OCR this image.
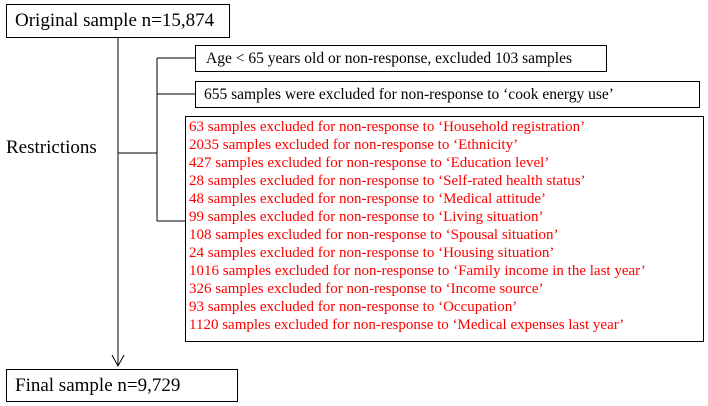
Original sample n=15,874
Restrictions
Age < 65 years old or non-response, excluded 103 samples
655 samples were excluded for non-response to ‘cook energy use’
63 samples excluded for non-response to ‘Household registration’
2035 samples excluded for non-response to ‘Ethnicity’
427 samples excluded for non-response to ‘Education level’
28 samples excluded for non-response to ‘Self-rated health status’
48 samples excluded for non-response to ‘Medical attitude’
99 samples excluded for non-response to ‘Living situation’
108 samples excluded for non-response to ‘Spousal situation’
24 samples excluded for non-response to ‘Housing situation’
1016 samples excluded for non-response to ‘Family income in the last year’
326 samples excluded for non-response to ‘Income source’
93 samples excluded for non-response to ‘Occupation’
1120 samples excluded for non-response to ‘Medical expenses last year’
Final sample n=9,729
